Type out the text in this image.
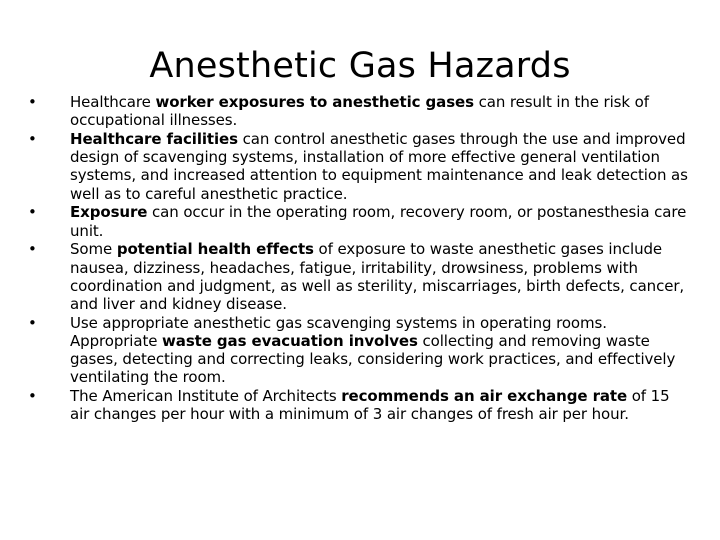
Anesthetic Gas Hazards
•	Healthcare worker exposures to anesthetic gases can result in the risk of occupational illnesses.
•	Healthcare facilities can control anesthetic gases through the use and improved design of scavenging systems, installation of more effective general ventilation systems, and increased attention to equipment maintenance and leak detection as well as to careful anesthetic practice.
•	Exposure can occur in the operating room, recovery room, or postanesthesia care unit.
•	Some potential health effects of exposure to waste anesthetic gases include nausea, dizziness, headaches, fatigue, irritability, drowsiness, problems with coordination and judgment, as well as sterility, miscarriages, birth defects, cancer, and liver and kidney disease.
•	Use appropriate anesthetic gas scavenging systems in operating rooms. Appropriate waste gas evacuation involves collecting and removing waste gases, detecting and correcting leaks, considering work practices, and effectively ventilating the room.
•	The American Institute of Architects recommends an air exchange rate of 15 air changes per hour with a minimum of 3 air changes of fresh air per hour.
